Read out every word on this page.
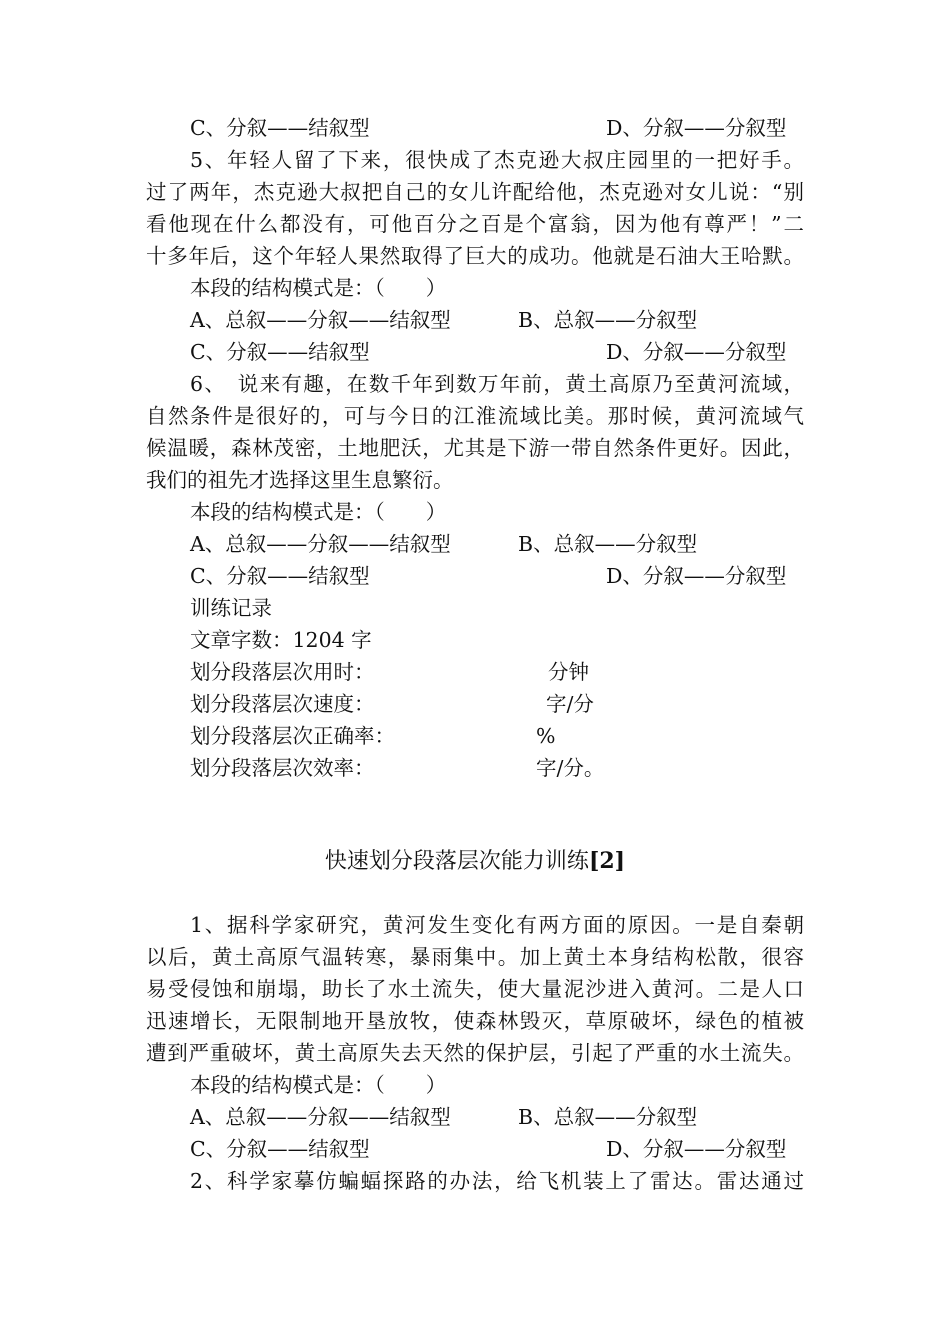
C、分叙——结叙型	D、分叙——分叙型
5、年轻人留了下来，很快成了杰克逊大叔庄园里的一把好手。
过了两年，杰克逊大叔把自己的女儿许配给他，杰克逊对女儿说：“别
看他现在什么都没有，可他百分之百是个富翁，因为他有尊严！”二
十多年后，这个年轻人果然取得了巨大的成功。他就是石油大王哈默。
本段的结构模式是：（　　）
A、总叙——分叙——结叙型	B、总叙——分叙型
C、分叙——结叙型	D、分叙——分叙型
6、　说来有趣，在数千年到数万年前，黄土高原乃至黄河流域，
自然条件是很好的，可与今日的江淮流域比美。那时候，黄河流域气
候温暖，森林茂密，土地肥沃，尤其是下游一带自然条件更好。因此，
我们的祖先才选择这里生息繁衍。
本段的结构模式是：（　　）
A、总叙——分叙——结叙型	B、总叙——分叙型
C、分叙——结叙型	D、分叙——分叙型
训练记录
文章字数：1204 字
划分段落层次用时：	分钟
划分段落层次速度：	字/分
划分段落层次正确率：	%
划分段落层次效率：	字/分。
快速划分段落层次能力训练[2]
1、据科学家研究，黄河发生变化有两方面的原因。一是自秦朝
以后，黄土高原气温转寒，暴雨集中。加上黄土本身结构松散，很容
易受侵蚀和崩塌，助长了水土流失，使大量泥沙进入黄河。二是人口
迅速增长，无限制地开垦放牧，使森林毁灭，草原破坏，绿色的植被
遭到严重破坏，黄土高原失去天然的保护层，引起了严重的水土流失。
本段的结构模式是：（　　）
A、总叙——分叙——结叙型	B、总叙——分叙型
C、分叙——结叙型	D、分叙——分叙型
2、科学家摹仿蝙蝠探路的办法，给飞机装上了雷达。雷达通过
